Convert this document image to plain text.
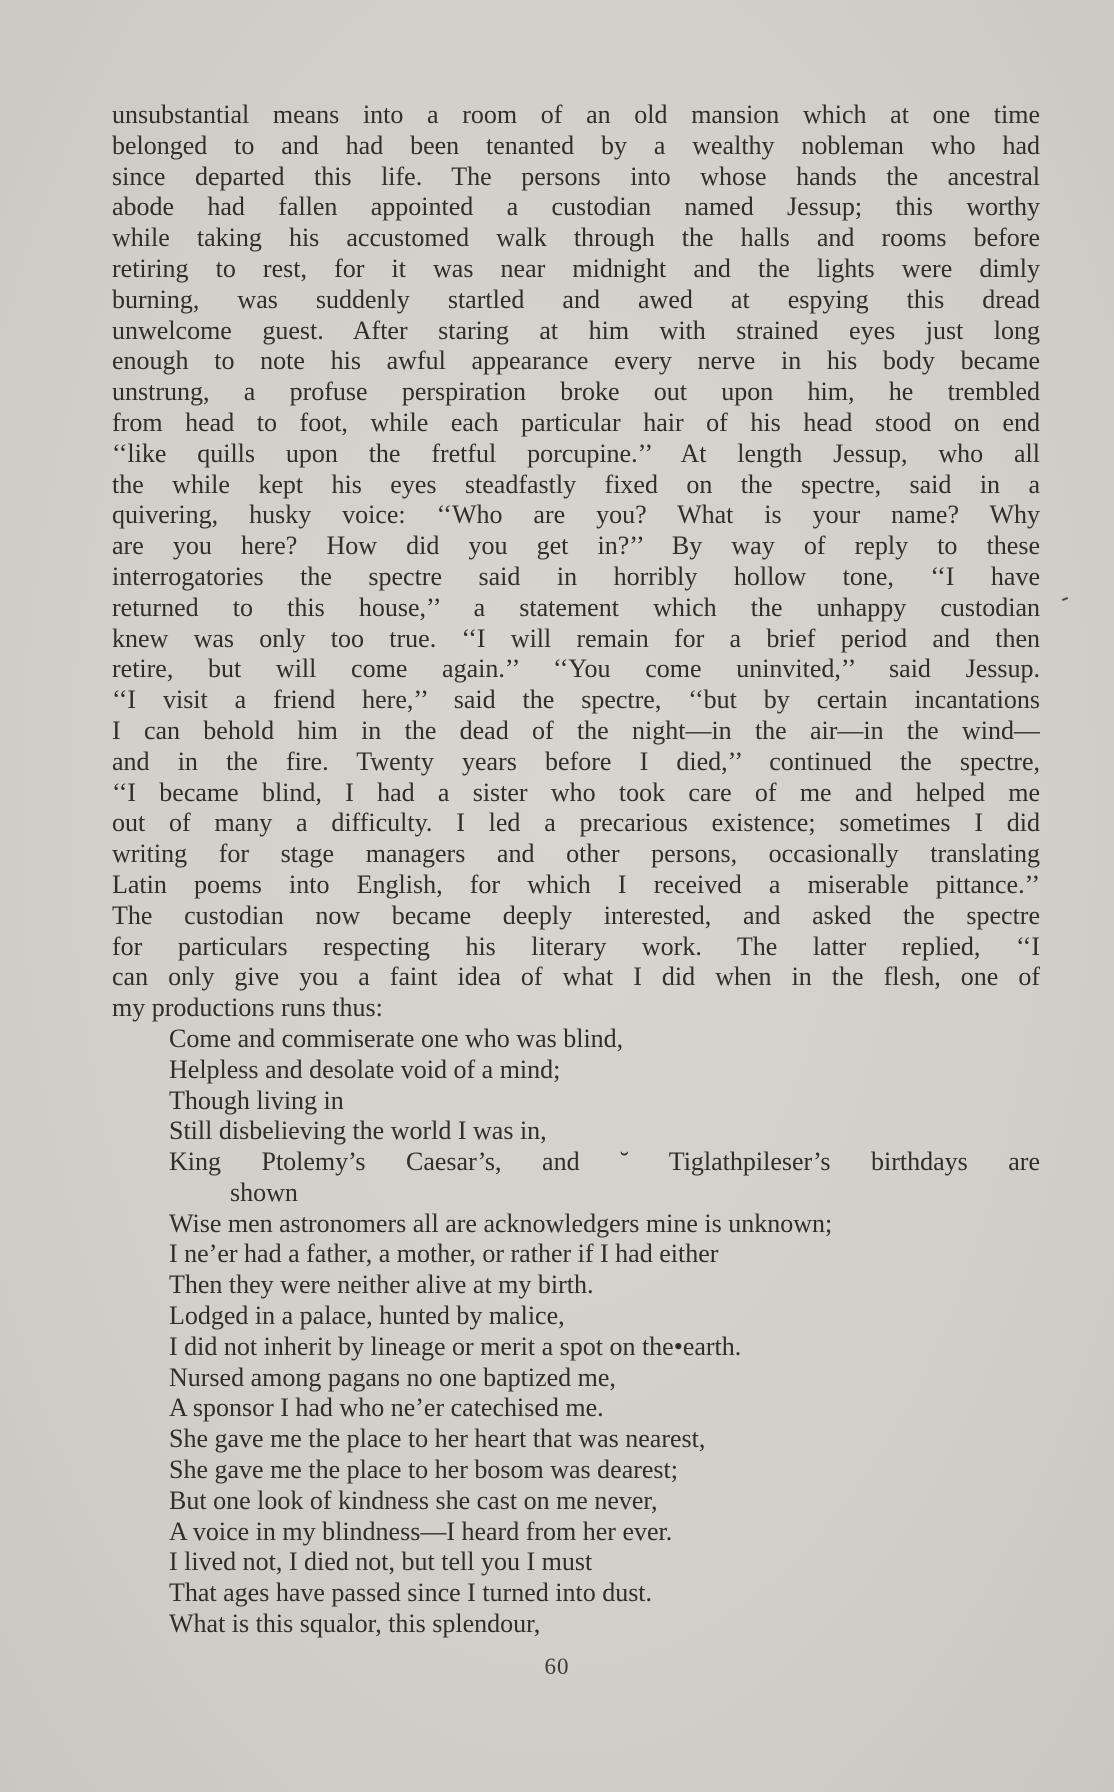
unsubstantial means into a room of an old mansion which at one time
belonged to and had been tenanted by a wealthy nobleman who had
since departed this life. The persons into whose hands the ancestral
abode had fallen appointed a custodian named Jessup; this worthy
while taking his accustomed walk through the halls and rooms before
retiring to rest, for it was near midnight and the lights were dimly
burning, was suddenly startled and awed at espying this dread
unwelcome guest. After staring at him with strained eyes just long
enough to note his awful appearance every nerve in his body became
unstrung, a profuse perspiration broke out upon him, he trembled
from head to foot, while each particular hair of his head stood on end
‘‘like quills upon the fretful porcupine.’’ At length Jessup, who all
the while kept his eyes steadfastly fixed on the spectre, said in a
quivering, husky voice: ‘‘Who are you? What is your name? Why
are you here? How did you get in?’’ By way of reply to these
interrogatories the spectre said in horribly hollow tone, ‘‘I have
returned to this house,’’ a statement which the unhappy custodian
knew was only too true. ‘‘I will remain for a brief period and then
retire, but will come again.’’ ‘‘You come uninvited,’’ said Jessup.
‘‘I visit a friend here,’’ said the spectre, ‘‘but by certain incantations
I can behold him in the dead of the night—in the air—in the wind—
and in the fire. Twenty years before I died,’’ continued the spectre,
‘‘I became blind, I had a sister who took care of me and helped me
out of many a difficulty. I led a precarious existence; sometimes I did
writing for stage managers and other persons, occasionally translating
Latin poems into English, for which I received a miserable pittance.’’
The custodian now became deeply interested, and asked the spectre
for particulars respecting his literary work. The latter replied, ‘‘I
can only give you a faint idea of what I did when in the flesh, one of
my productions runs thus:
Come and commiserate one who was blind,
Helpless and desolate void of a mind;
Though living in
Still disbelieving the world I was in,
King Ptolemy’s Caesar’s, and ˘ Tiglathpileser’s birthdays are
shown
Wise men astronomers all are acknowledgers mine is unknown;
I ne’er had a father, a mother, or rather if I had either
Then they were neither alive at my birth.
Lodged in a palace, hunted by malice,
I did not inherit by lineage or merit a spot on the•earth.
Nursed among pagans no one baptized me,
A sponsor I had who ne’er catechised me.
She gave me the place to her heart that was nearest,
She gave me the place to her bosom was dearest;
But one look of kindness she cast on me never,
A voice in my blindness—I heard from her ever.
I lived not, I died not, but tell you I must
That ages have passed since I turned into dust.
What is this squalor, this splendour,
60
